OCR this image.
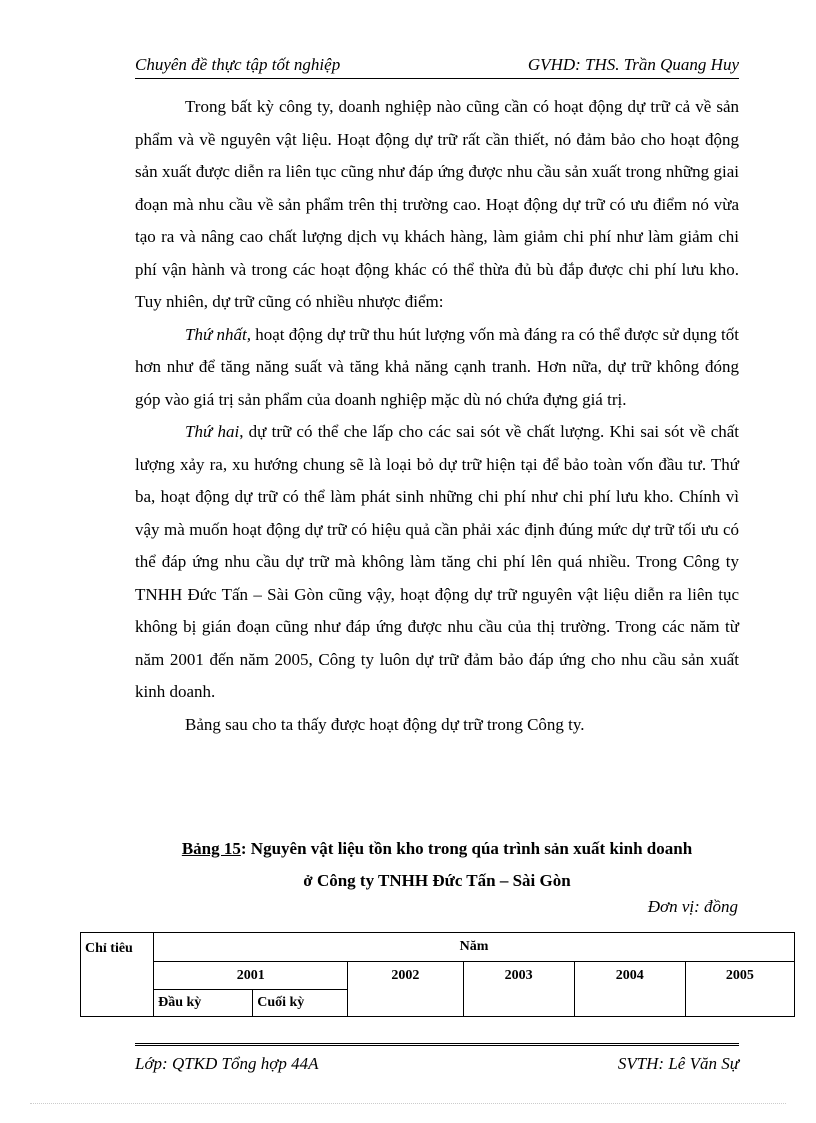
Chuyên đề thực tập tốt nghiệp	GVHD: THS. Trần Quang Huy

Trong bất kỳ công ty, doanh nghiệp nào cũng cần có hoạt động dự trữ cả về sản phẩm và về nguyên vật liệu. Hoạt động dự trữ rất cần thiết, nó đảm bảo cho hoạt động sản xuất được diễn ra liên tục cũng như đáp ứng được nhu cầu sản xuất trong những giai đoạn mà nhu cầu về sản phẩm trên thị trường cao. Hoạt động dự trữ có ưu điểm nó vừa tạo ra và nâng cao chất lượng dịch vụ khách hàng, làm giảm chi phí như làm giảm chi phí vận hành và trong các hoạt động khác có thể thừa đủ bù đắp được chi phí lưu kho. Tuy nhiên, dự trữ cũng có nhiều nhược điểm:

Thứ nhất, hoạt động dự trữ thu hút lượng vốn mà đáng ra có thể được sử dụng tốt hơn như để tăng năng suất và tăng khả năng cạnh tranh. Hơn nữa, dự trữ không đóng góp vào giá trị sản phẩm của doanh nghiệp mặc dù nó chứa đựng giá trị.

Thứ hai, dự trữ có thể che lấp cho các sai sót về chất lượng. Khi sai sót về chất lượng xảy ra, xu hướng chung sẽ là loại bỏ dự trữ hiện tại để bảo toàn vốn đầu tư. Thứ ba, hoạt động dự trữ có thể làm phát sinh những chi phí như chi phí lưu kho. Chính vì vậy mà muốn hoạt động dự trữ có hiệu quả cần phải xác định đúng mức dự trữ tối ưu có thể đáp ứng nhu cầu dự trữ mà không làm tăng chi phí lên quá nhiều. Trong Công ty TNHH Đức Tấn – Sài Gòn cũng vậy, hoạt động dự trữ nguyên vật liệu diễn ra liên tục không bị gián đoạn cũng như đáp ứng được nhu cầu của thị trường. Trong các năm từ năm 2001 đến năm 2005, Công ty luôn dự trữ đảm bảo đáp ứng cho nhu cầu sản xuất kinh doanh.

Bảng sau cho ta thấy được hoạt động dự trữ trong Công ty.

Bảng 15: Nguyên vật liệu tồn kho trong qúa trình sản xuất kinh doanh
ở Công ty TNHH Đức Tấn – Sài Gòn
Đơn vị: đồng
Chỉ tiêu	Năm					
	2001		2002	2003	2004	2005
	Đầu kỳ	Cuối kỳ				
Lớp: QTKD Tổng hợp 44A	SVTH: Lê Văn Sự
